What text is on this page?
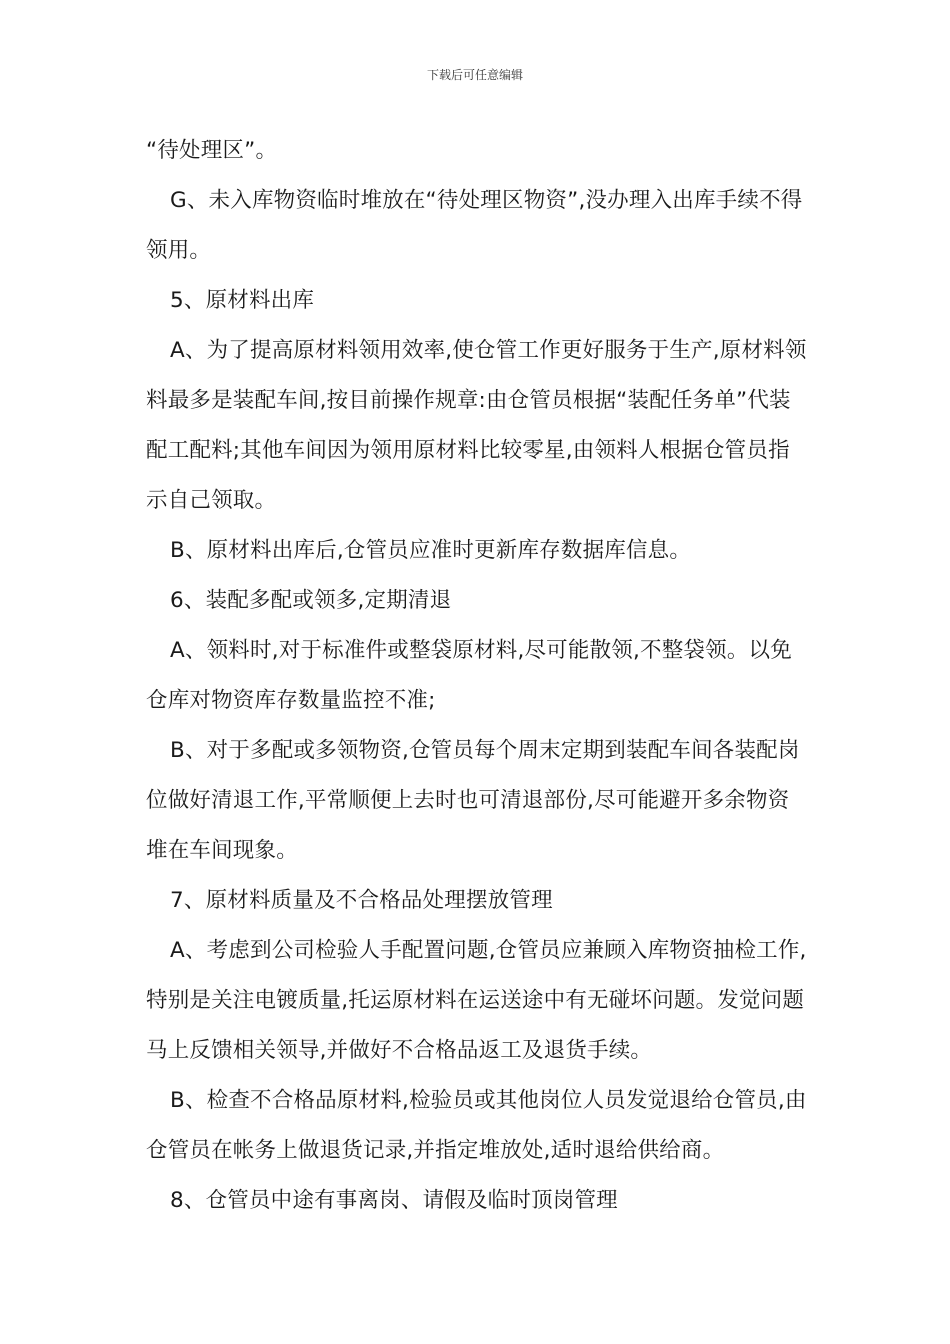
下载后可任意编辑

“待处理区”。

G、未入库物资临时堆放在“待处理区物资”,没办理入出库手续不得领用。

5、原材料出库

A、为了提高原材料领用效率,使仓管工作更好服务于生产,原材料领料最多是装配车间,按目前操作规章:由仓管员根据“装配任务单”代装配工配料;其他车间因为领用原材料比较零星,由领料人根据仓管员指示自己领取。

B、原材料出库后,仓管员应准时更新库存数据库信息。

6、装配多配或领多,定期清退

A、领料时,对于标准件或整袋原材料,尽可能散领,不整袋领。以免仓库对物资库存数量监控不准;

B、对于多配或多领物资,仓管员每个周末定期到装配车间各装配岗位做好清退工作,平常顺便上去时也可清退部份,尽可能避开多余物资堆在车间现象。

7、原材料质量及不合格品处理摆放管理

A、考虑到公司检验人手配置问题,仓管员应兼顾入库物资抽检工作,特别是关注电镀质量,托运原材料在运送途中有无碰坏问题。发觉问题马上反馈相关领导,并做好不合格品返工及退货手续。

B、检查不合格品原材料,检验员或其他岗位人员发觉退给仓管员,由仓管员在帐务上做退货记录,并指定堆放处,适时退给供给商。

8、仓管员中途有事离岗、请假及临时顶岗管理
